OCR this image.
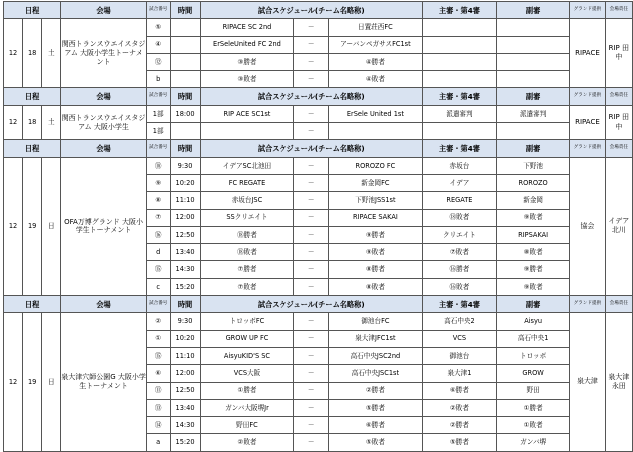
日程			会場	試合番号	時間	試合スケジュール(チーム名略称)			主審・第4審	副審	グランド提供	会場責任
12	18	土	関西トランスウエイスタジアム 大阪小学生トーナメント	⑤		RIPACE SC 2nd	－	日置荘西FC			RIPACE	RIP 田中
				④		ErSeleUnited FC 2nd	－	アーバンペガサスFC1st				
				⑫		③勝者	－	④勝者				
				b		③敗者	－	④敗者				
日程			会場	試合番号	時間	試合スケジュール(チーム名略称)			主審・第4審	副審	グランド提供	会場責任
12	18	土	関西トランスウエイスタジアム 大阪小学生	1部	18:00	RIP ACE SC1st	－	ErSele United 1st	派遣審判	派遣審判	RIPACE	RIP 田中
				1部			－					
日程			会場	試合番号	時間	試合スケジュール(チーム名略称)			主審・第4審	副審	グランド提供	会場責任
12	19	日	OFA万博グランド 大阪小学生トーナメント	⑱	9:30	イデアSC北池田	－	ROROZO FC	赤坂台	下野池	協会	イデア 北川
				⑨	10:20	FC REGATE	－	新金岡FC	イデア	ROROZO		
				⑧	11:10	赤坂台JSC	－	下野池JSS1st	REGATE	新金岡		
				⑦	12:00	SSクリエイト	－	RIPACE SAKAI	⑱敗者	⑨敗者		
				⑯	12:50	⑱勝者	－	⑨勝者	クリエイト	RIPSAKAI		
				d	13:40	⑱敗者	－	⑨敗者	⑦敗者	⑧敗者		
				⑮	14:30	⑦勝者	－	⑧勝者	⑯勝者	⑨勝者		
				c	15:20	⑦敗者	－	⑧敗者	⑯敗者	⑨敗者		
日程			会場	試合番号	時間	試合スケジュール(チーム名略称)			主審・第4審	副審	グランド提供	会場責任
12	19	日	泉大津穴師公園G 大阪小学生トーナメント	②	9:30	トロッボFC	－	御池台FC	高石中央2	Aisyu	泉大津	泉大津 永田
				①	10:20	GROW UP FC	－	泉大津JFC1st	VCS	高石中央1		
				⑮	11:10	AisyuKID'S SC	－	高石中央JSC2nd	御池台	トロッボ		
				⑥	12:00	VCS大阪	－	高石中央JSC1st	泉大津1	GROW		
				⑪	12:50	①勝者	－	②勝者	⑥勝者	野田		
				⑬	13:40	ガンバ大阪堺Jr	－	⑤勝者	②敗者	①勝者		
				⑭	14:30	野田FC	－	⑥勝者	②勝者	①敗者		
				a	15:20	②敗者	－	⑤敗者	⑤勝者	ガンバ堺		
